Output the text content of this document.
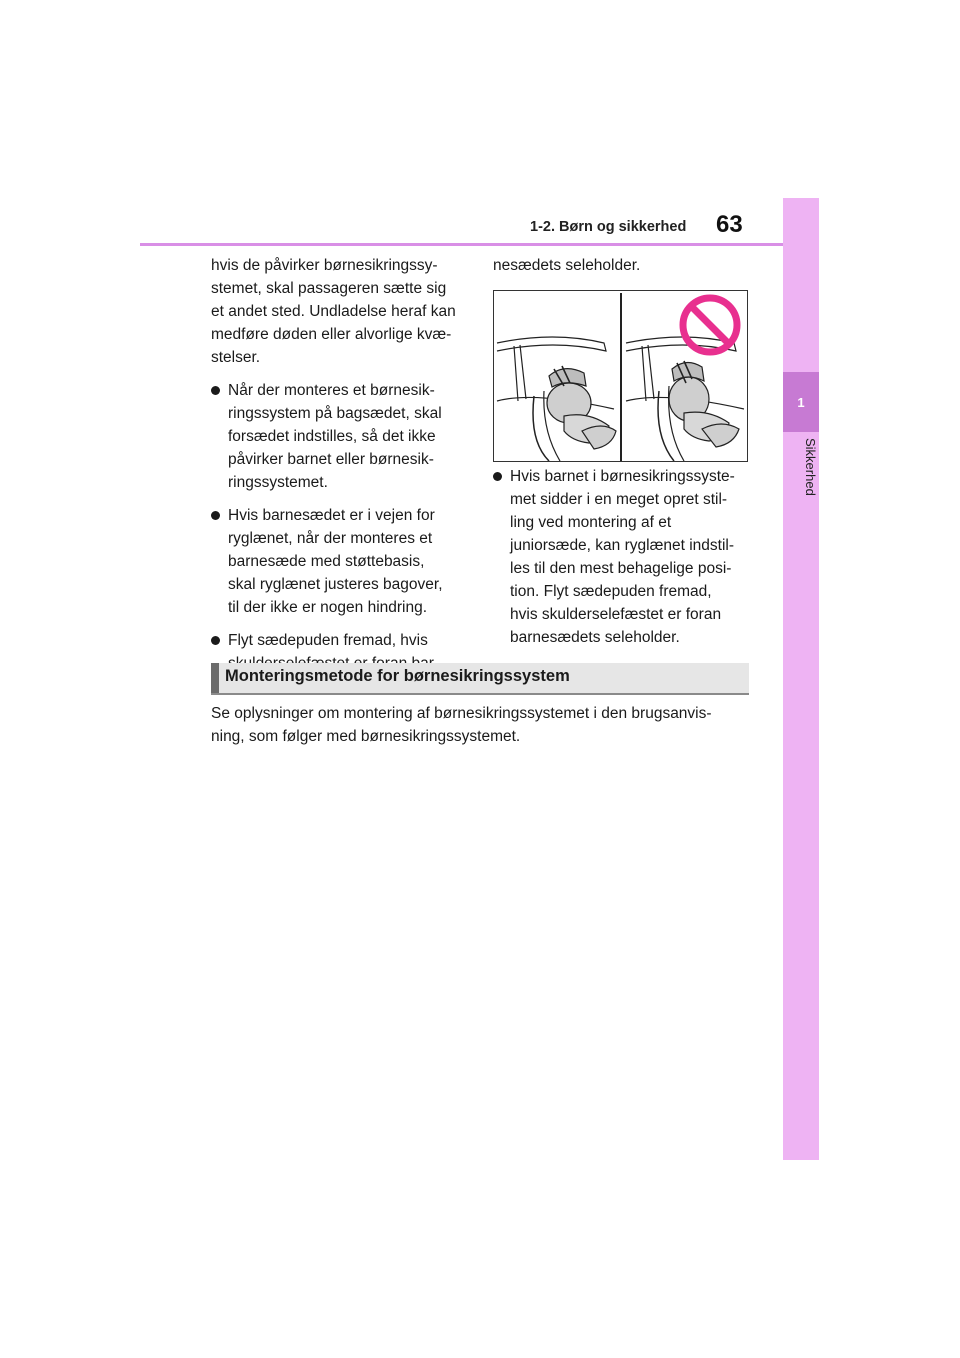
1-2. Børn og sikkerhed 63
1
Sikkerhed

hvis de påvirker børnesikringssy-
stemet, skal passageren sætte sig
et andet sted. Undladelse heraf kan
medføre døden eller alvorlige kvæ-
stelser.

Når der monteres et børnesik-
ringssystem på bagsædet, skal
forsædet indstilles, så det ikke
påvirker barnet eller børnesik-
ringssystemet.

Hvis barnesædet er i vejen for
ryglænet, når der monteres et
barnesæde med støttebasis,
skal ryglænet justeres bagover,
til der ikke er nogen hindring.

Flyt sædepuden fremad, hvis

nesædets seleholder.

Hvis barnet i børnesikringssyste-
met sidder i en meget opret stil-
ling ved montering af et
juniorsæde, kan ryglænet indstil-
les til den mest behagelige posi-
tion. Flyt sædepuden fremad,
hvis skulderselefæstet er foran
barnesædets seleholder.

Monteringsmetode for børnesikringssystem

Se oplysninger om montering af børnesikringssystemet i den brugsanvis-
ning, som følger med børnesikringssystemet.
